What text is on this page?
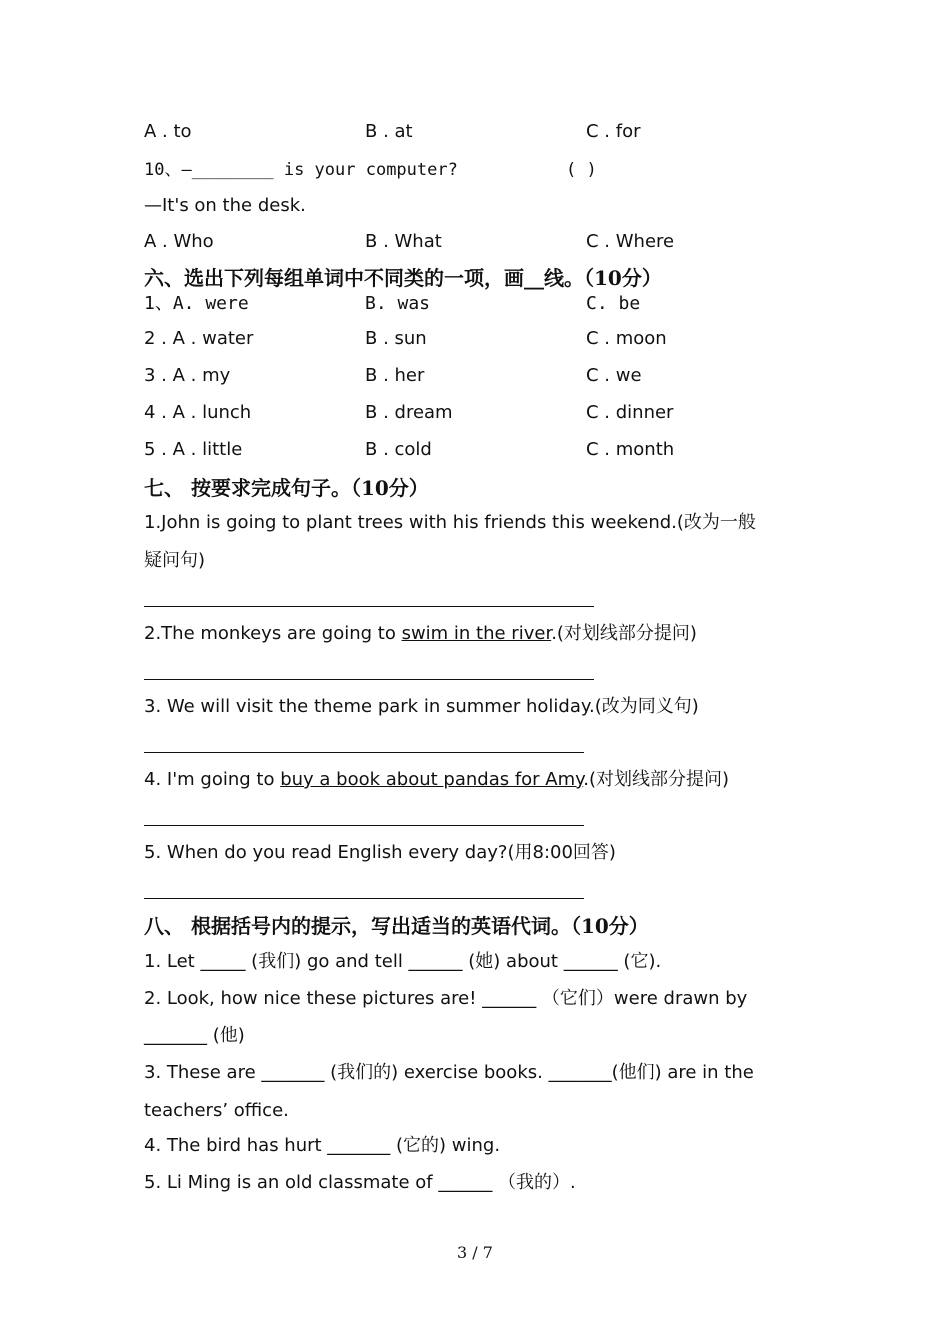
A . to	B . at	C . for
10、—________ is your computer?	( )
—It's on the desk.
A . Who	B . What	C . Where
六、选出下列每组单词中不同类的一项，画__线。（10分）
1、A. were	B. was	C. be
2 . A . water	B . sun	C . moon
3 . A . my	B . her	C . we
4 . A . lunch	B . dream	C . dinner
5 . A . little	B . cold	C . month
七、 按要求完成句子。（10分）
1.John is going to plant trees with his friends this weekend.(改为一般
疑问句)
2.The monkeys are going to swim in the river.(对划线部分提问)
3. We will visit the theme park in summer holiday.(改为同义句)
4. I'm going to buy a book about pandas for Amy.(对划线部分提问)
5. When do you read English every day?(用8:00回答)
八、 根据括号内的提示，写出适当的英语代词。（10分）
1. Let _____ (我们) go and tell ______ (她) about ______ (它).
2. Look, how nice these pictures are! ______ （它们）were drawn by
_______ (他)
3. These are _______ (我们的) exercise books. _______(他们) are in the
teachers’ office.
4. The bird has hurt _______ (它的) wing.
5. Li Ming is an old classmate of ______ （我的）.
3 / 7
